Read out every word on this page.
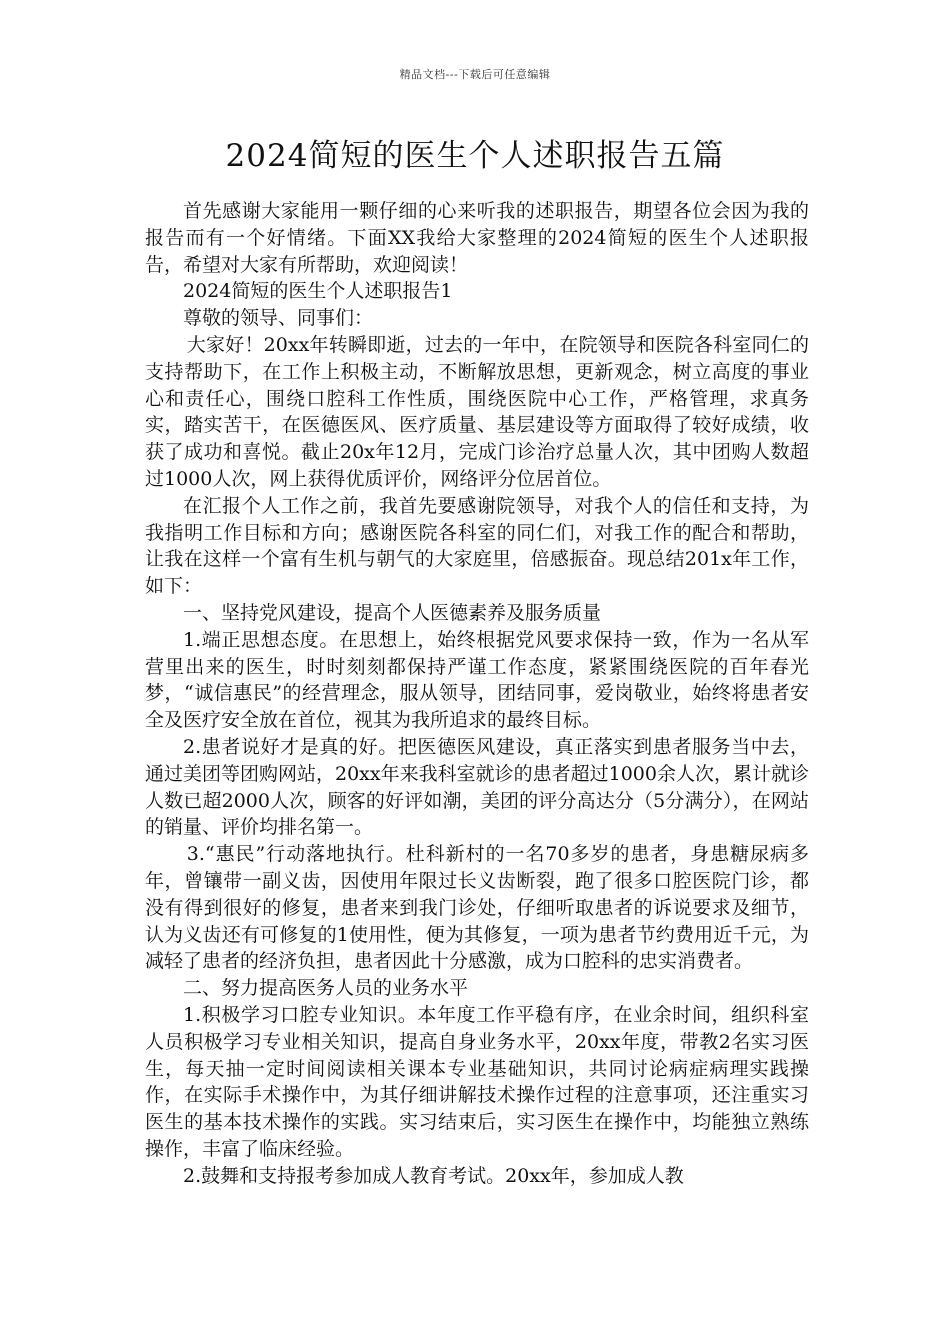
精品文档---下载后可任意编辑
2024简短的医生个人述职报告五篇

首先感谢大家能用一颗仔细的心来听我的述职报告，期望各位会因为我的报告而有一个好情绪。下面XX我给大家整理的2024简短的医生个人述职报告，希望对大家有所帮助，欢迎阅读！

2024简短的医生个人述职报告1

尊敬的领导、同事们：

大家好！20xx年转瞬即逝，过去的一年中，在院领导和医院各科室同仁的支持帮助下，在工作上积极主动，不断解放思想，更新观念，树立高度的事业心和责任心，围绕口腔科工作性质，围绕医院中心工作，严格管理，求真务实，踏实苦干，在医德医风、医疗质量、基层建设等方面取得了较好成绩，收获了成功和喜悦。截止20x年12月，完成门诊治疗总量人次，其中团购人数超过1000人次，网上获得优质评价，网络评分位居首位。

在汇报个人工作之前，我首先要感谢院领导，对我个人的信任和支持，为我指明工作目标和方向；感谢医院各科室的同仁们，对我工作的配合和帮助，让我在这样一个富有生机与朝气的大家庭里，倍感振奋。现总结201x年工作，如下：

一、坚持党风建设，提高个人医德素养及服务质量

1.端正思想态度。在思想上，始终根据党风要求保持一致，作为一名从军营里出来的医生，时时刻刻都保持严谨工作态度，紧紧围绕医院的百年春光梦，“诚信惠民”的经营理念，服从领导，团结同事，爱岗敬业，始终将患者安全及医疗安全放在首位，视其为我所追求的最终目标。

2.患者说好才是真的好。把医德医风建设，真正落实到患者服务当中去，通过美团等团购网站，20xx年来我科室就诊的患者超过1000余人次，累计就诊人数已超2000人次，顾客的好评如潮，美团的评分高达分（5分满分），在网站的销量、评价均排名第一。

3.“惠民”行动落地执行。杜科新村的一名70多岁的患者，身患糖尿病多年，曾镶带一副义齿，因使用年限过长义齿断裂，跑了很多口腔医院门诊，都没有得到很好的修复，患者来到我门诊处，仔细听取患者的诉说要求及细节，认为义齿还有可修复的1使用性，便为其修复，一项为患者节约费用近千元，为减轻了患者的经济负担，患者因此十分感激，成为口腔科的忠实消费者。

二、努力提高医务人员的业务水平

1.积极学习口腔专业知识。本年度工作平稳有序，在业余时间，组织科室人员积极学习专业相关知识，提高自身业务水平，20xx年度，带教2名实习医生，每天抽一定时间阅读相关课本专业基础知识，共同讨论病症病理实践操作，在实际手术操作中，为其仔细讲解技术操作过程的注意事项，还注重实习医生的基本技术操作的实践。实习结束后，实习医生在操作中，均能独立熟练操作，丰富了临床经验。

2.鼓舞和支持报考参加成人教育考试。20xx年，参加成人教
